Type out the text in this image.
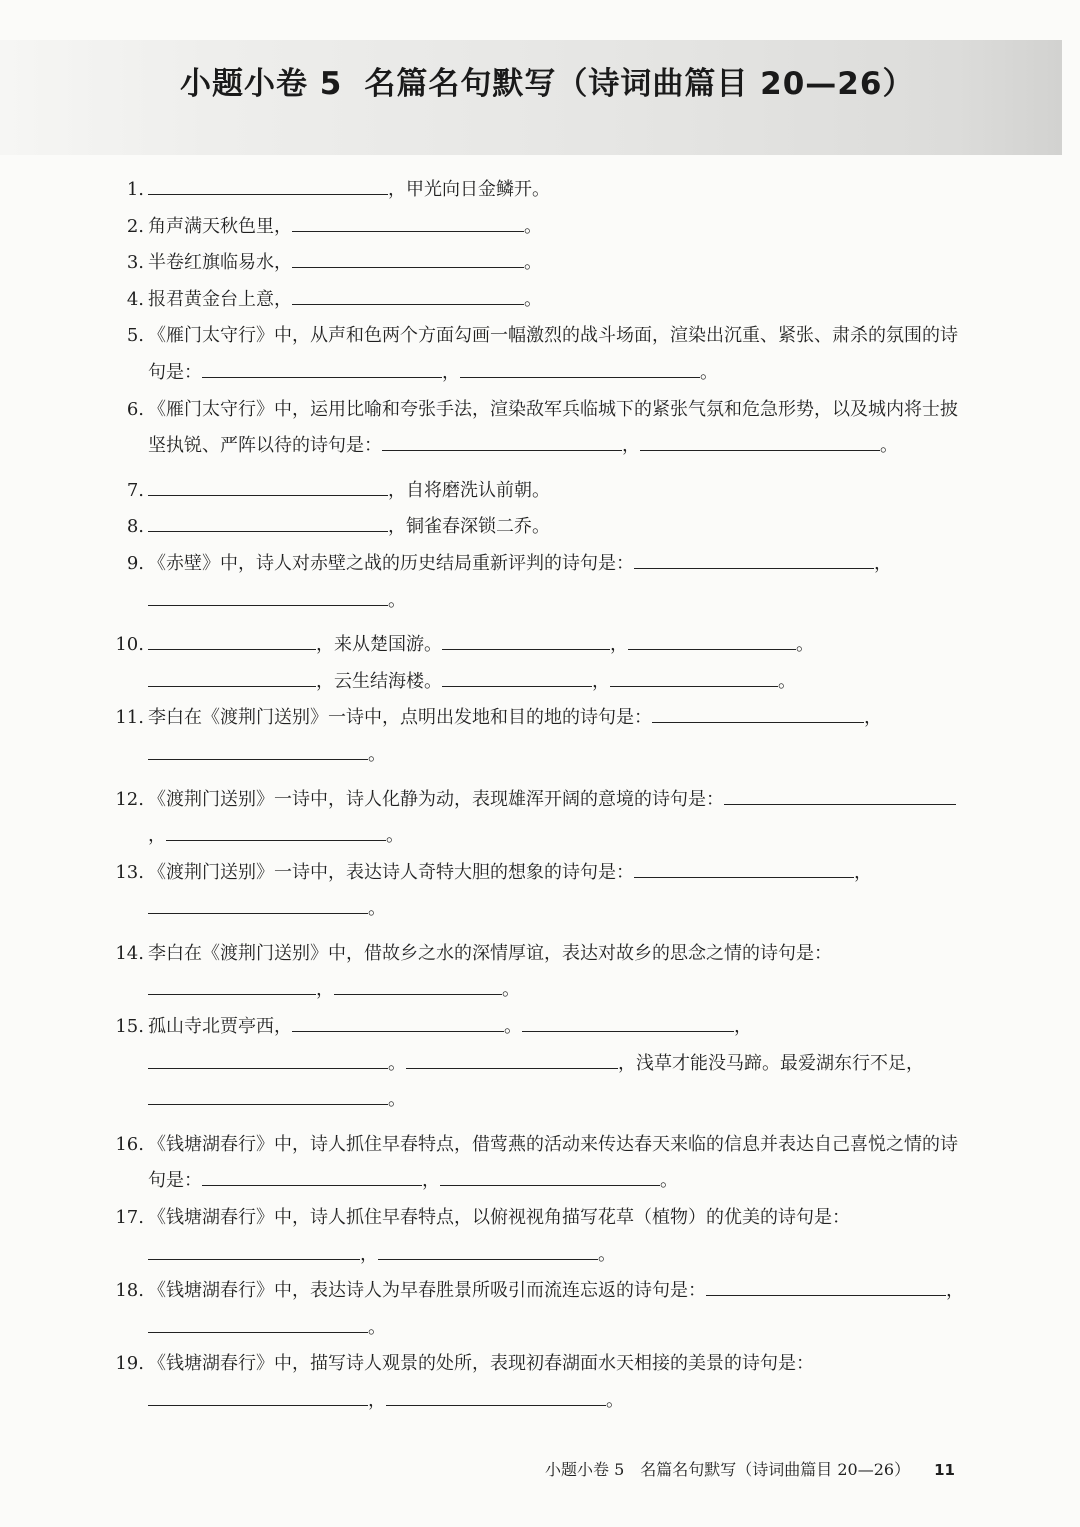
小题小卷 5 名篇名句默写（诗词曲篇目 20—26）
1.	，甲光向日金鳞开。
2. 角声满天秋色里，	。
3. 半卷红旗临易水，	。
4. 报君黄金台上意，	。
5. 《雁门太守行》中，从声和色两个方面勾画一幅激烈的战斗场面，渲染出沉重、紧张、肃杀的氛围的诗句是：	，	。
6. 《雁门太守行》中，运用比喻和夸张手法，渲染敌军兵临城下的紧张气氛和危急形势，以及城内将士披坚执锐、严阵以待的诗句是：	，	。
7.	，自将磨洗认前朝。
8.	，铜雀春深锁二乔。
9. 《赤壁》中，诗人对赤壁之战的历史结局重新评判的诗句是：	，。
10.	，来从楚国游。	，	。，云生结海楼。	，	。
11. 李白在《渡荆门送别》一诗中，点明出发地和目的地的诗句是：	，。
12. 《渡荆门送别》一诗中，诗人化静为动，表现雄浑开阔的意境的诗句是：，	。
13. 《渡荆门送别》一诗中，表达诗人奇特大胆的想象的诗句是：	，。
14. 李白在《渡荆门送别》中，借故乡之水的深情厚谊，表达对故乡的思念之情的诗句是：，	。
15. 孤山寺北贾亭西，	。	，。	，浅草才能没马蹄。最爱湖东行不足，。
16. 《钱塘湖春行》中，诗人抓住早春特点，借莺燕的活动来传达春天来临的信息并表达自己喜悦之情的诗句是：	，	。
17. 《钱塘湖春行》中，诗人抓住早春特点，以俯视视角描写花草（植物）的优美的诗句是：，	。
18. 《钱塘湖春行》中，表达诗人为早春胜景所吸引而流连忘返的诗句是：	，。
19. 《钱塘湖春行》中，描写诗人观景的处所，表现初春湖面水天相接的美景的诗句是：，	。
小题小卷 5　名篇名句默写（诗词曲篇目 20—26） 11
